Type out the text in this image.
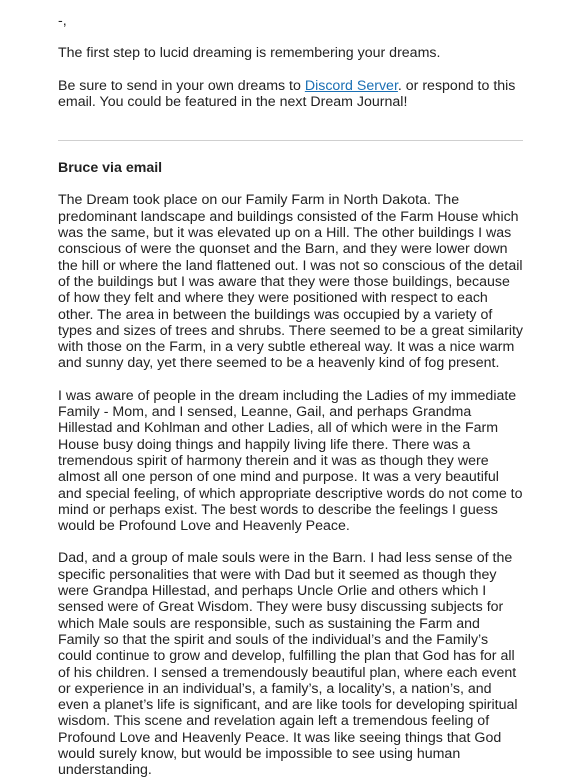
-,

The first step to lucid dreaming is remembering your dreams.

Be sure to send in your own dreams to Discord Server. or respond to this email. You could be featured in the next Dream Journal!

Bruce via email

The Dream took place on our Family Farm in North Dakota. The predominant landscape and buildings consisted of the Farm House which was the same, but it was elevated up on a Hill. The other buildings I was conscious of were the quonset and the Barn, and they were lower down the hill or where the land flattened out. I was not so conscious of the detail of the buildings but I was aware that they were those buildings, because of how they felt and where they were positioned with respect to each other. The area in between the buildings was occupied by a variety of types and sizes of trees and shrubs. There seemed to be a great similarity with those on the Farm, in a very subtle ethereal way. It was a nice warm and sunny day, yet there seemed to be a heavenly kind of fog present.

I was aware of people in the dream including the Ladies of my immediate Family - Mom, and I sensed, Leanne, Gail, and perhaps Grandma Hillestad and Kohlman and other Ladies, all of which were in the Farm House busy doing things and happily living life there. There was a tremendous spirit of harmony therein and it was as though they were almost all one person of one mind and purpose. It was a very beautiful and special feeling, of which appropriate descriptive words do not come to mind or perhaps exist. The best words to describe the feelings I guess would be Profound Love and Heavenly Peace.

Dad, and a group of male souls were in the Barn. I had less sense of the specific personalities that were with Dad but it seemed as though they were Grandpa Hillestad, and perhaps Uncle Orlie and others which I sensed were of Great Wisdom. They were busy discussing subjects for which Male souls are responsible, such as sustaining the Farm and Family so that the spirit and souls of the individual’s and the Family’s could continue to grow and develop, fulfilling the plan that God has for all of his children. I sensed a tremendously beautiful plan, where each event or experience in an individual’s, a family’s, a locality’s, a nation’s, and even a planet’s life is significant, and are like tools for developing spiritual wisdom. This scene and revelation again left a tremendous feeling of Profound Love and Heavenly Peace. It was like seeing things that God would surely know, but would be impossible to see using human understanding.
